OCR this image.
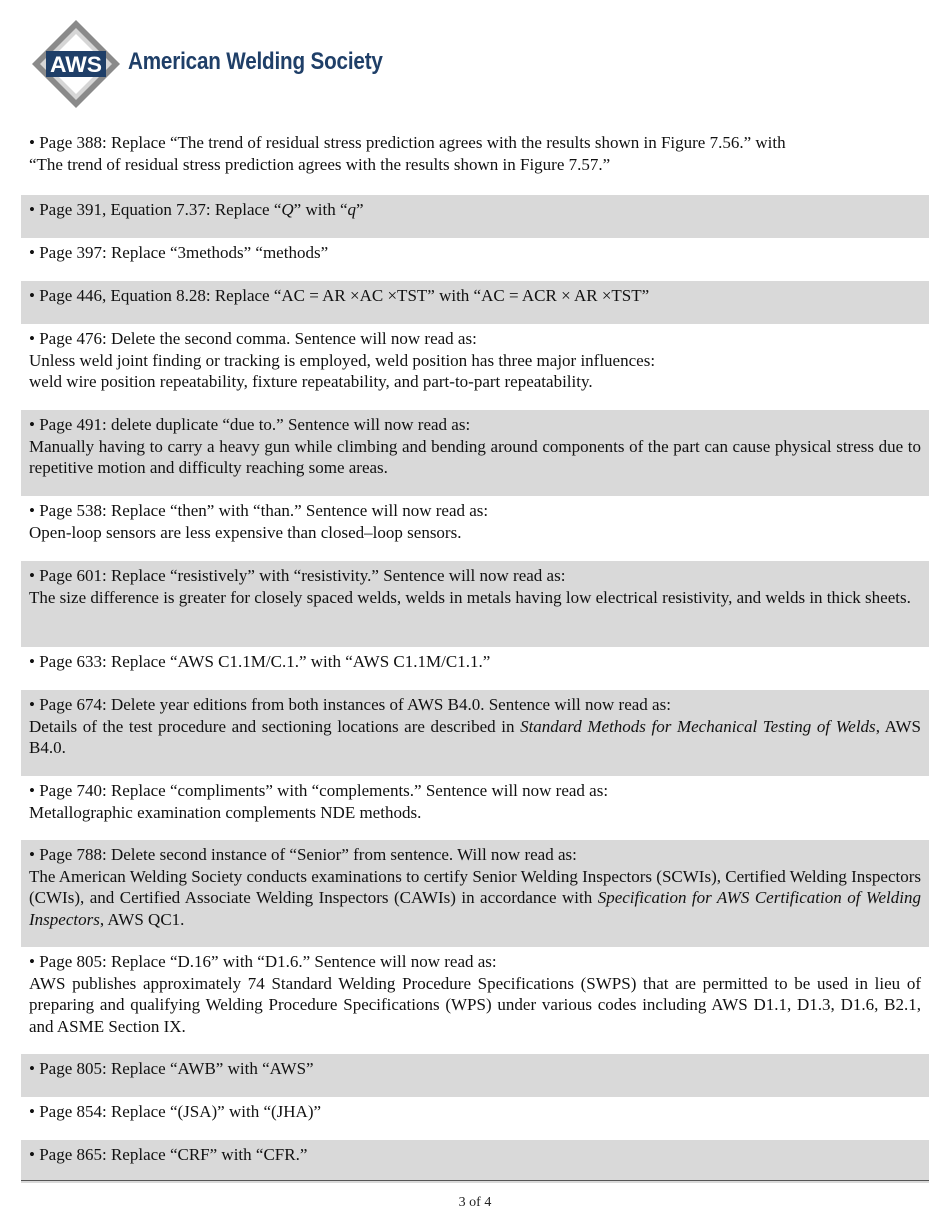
AWS American Welding Society

• Page 388: Replace “The trend of residual stress prediction agrees with the results shown in Figure 7.56.” with

“The trend of residual stress prediction agrees with the results shown in Figure 7.57.”

• Page 391, Equation 7.37: Replace “Q” with “q”

• Page 397: Replace “3methods” “methods”

• Page 446, Equation 8.28: Replace “AC = AR ×AC ×TST” with “AC = ACR × AR ×TST”

• Page 476: Delete the second comma. Sentence will now read as:

Unless weld joint finding or tracking is employed, weld position has three major influences:

weld wire position repeatability, fixture repeatability, and part-to-part repeatability.

• Page 491: delete duplicate “due to.” Sentence will now read as:

Manually having to carry a heavy gun while climbing and bending around components of the part can cause physical stress due to repetitive motion and difficulty reaching some areas.

• Page 538: Replace “then” with “than.” Sentence will now read as:

Open-loop sensors are less expensive than closed–loop sensors.

• Page 601: Replace “resistively” with “resistivity.” Sentence will now read as:

The size difference is greater for closely spaced welds, welds in metals having low electrical resistivity, and welds in thick sheets.

• Page 633: Replace “AWS C1.1M/C.1.” with “AWS C1.1M/C1.1.”

• Page 674: Delete year editions from both instances of AWS B4.0. Sentence will now read as:

Details of the test procedure and sectioning locations are described in Standard Methods for Mechanical Testing of Welds, AWS B4.0.

• Page 740: Replace “compliments” with “complements.” Sentence will now read as:

Metallographic examination complements NDE methods.

• Page 788: Delete second instance of “Senior” from sentence. Will now read as:

The American Welding Society conducts examinations to certify Senior Welding Inspectors (SCWIs), Certified Welding Inspectors (CWIs), and Certified Associate Welding Inspectors (CAWIs) in accordance with Specification for AWS Certification of Welding Inspectors, AWS QC1.

• Page 805: Replace “D.16” with “D1.6.” Sentence will now read as:

AWS publishes approximately 74 Standard Welding Procedure Specifications (SWPS) that are permitted to be used in lieu of preparing and qualifying Welding Procedure Specifications (WPS) under various codes including AWS D1.1, D1.3, D1.6, B2.1, and ASME Section IX.

• Page 805: Replace “AWB” with “AWS”

• Page 854: Replace “(JSA)” with “(JHA)”

• Page 865: Replace “CRF” with “CFR.”

3 of 4
